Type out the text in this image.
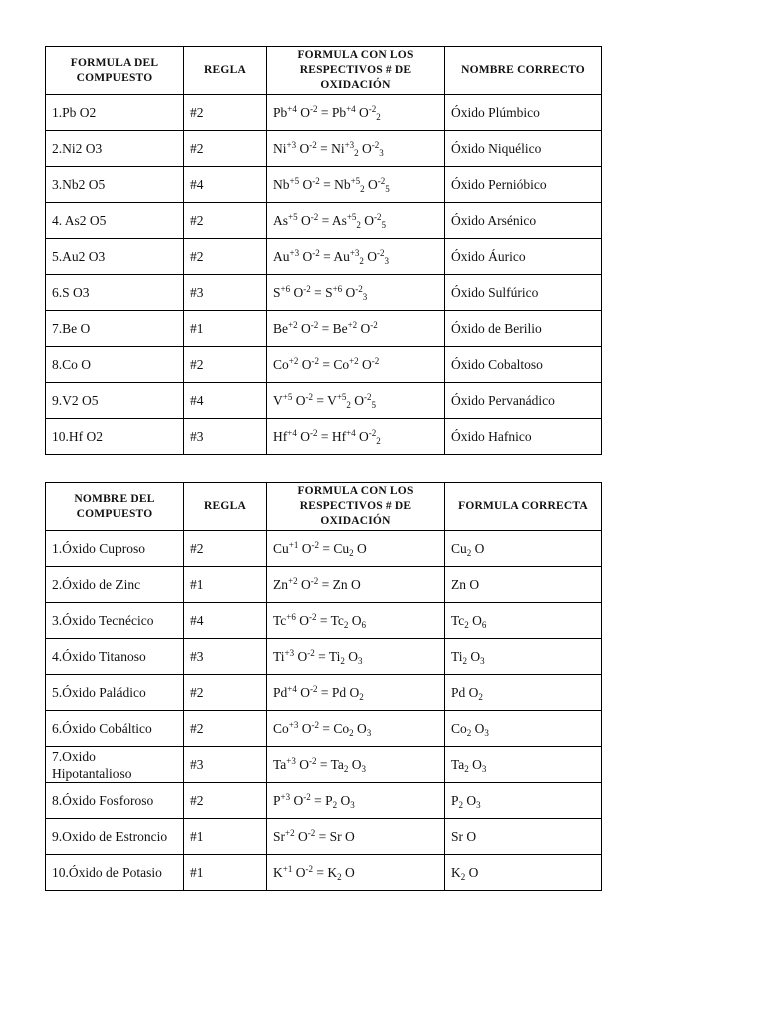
FORMULA DEL COMPUESTO	REGLA	FORMULA CON LOS RESPECTIVOS # DE OXIDACIÓN	NOMBRE CORRECTO
1.Pb O2	#2	$Pb^{+4}$ $O^{-2} = Pb^{+4}$ $O^{-2}_2$	Óxido Plúmbico
2.Ni2 O3	#2	$Ni^{+3}$ $O^{-2} = Ni^{+3}_2$ $O^{-2}_3$	Óxido Niquélico
3.Nb2 O5	#4	$Nb^{+5}$ $O^{-2} = Nb^{+5}_2$ $O^{-2}_5$	Óxido Pernióbico
4. As2 O5	#2	$As^{+5}$ $O^{-2} = As^{+5}_2$ $O^{-2}_5$	Óxido Arsénico
5.Au2 O3	#2	$Au^{+3}$ $O^{-2} = Au^{+3}_2$ $O^{-2}_3$	Óxido Áurico
6.S O3	#3	$S^{+6}$ $O^{-2} = S^{+6}$ $O^{-2}_3$	Óxido Sulfúrico
7.Be O	#1	$Be^{+2}$ $O^{-2} = Be^{+2}$ $O^{-2}$	Óxido de Berilio
8.Co O	#2	$Co^{+2}$ $O^{-2} = Co^{+2}$ $O^{-2}$	Óxido Cobaltoso
9.V2 O5	#4	$V^{+5}$ $O^{-2} = V^{+5}_2$ $O^{-2}_5$	Óxido Pervanádico
10.Hf O2	#3	$Hf^{+4}$ $O^{-2} = Hf^{+4}$ $O^{-2}_2$	Óxido Hafnico
NOMBRE DEL COMPUESTO	REGLA	FORMULA CON LOS RESPECTIVOS # DE OXIDACIÓN	FORMULA CORRECTA
1.Óxido Cuproso	#2	$Cu^{+1}$ $O^{-2} = Cu_2$ O	$Cu_2$ O
2.Óxido de Zinc	#1	$Zn^{+2}$ $O^{-2} = Zn$ O	Zn O
3.Óxido Tecnécico	#4	$Tc^{+6}$ $O^{-2} = Tc_2$ $O_6$	$Tc_2$ $O_6$
4.Óxido Titanoso	#3	$Ti^{+3}$ $O^{-2} = Ti_2$ $O_3$	$Ti_2$ $O_3$
5.Óxido Paládico	#2	$Pd^{+4}$ $O^{-2} = Pd$ $O_2$	Pd $O_2$
6.Óxido Cobáltico	#2	$Co^{+3}$ $O^{-2} = Co_2$ $O_3$	$Co_2$ $O_3$
7.Oxido Hipotantalioso	#3	$Ta^{+3}$ $O^{-2} = Ta_2$ $O_3$	$Ta_2$ $O_3$
8.Óxido Fosforoso	#2	$P^{+3}$ $O^{-2} = P_2$ $O_3$	$P_2$ $O_3$
9.Oxido de Estroncio	#1	$Sr^{+2}$ $O^{-2} = Sr$ O	Sr O
10.Óxido de Potasio	#1	$K^{+1}$ $O^{-2} = K_2$ O	$K_2$ O
